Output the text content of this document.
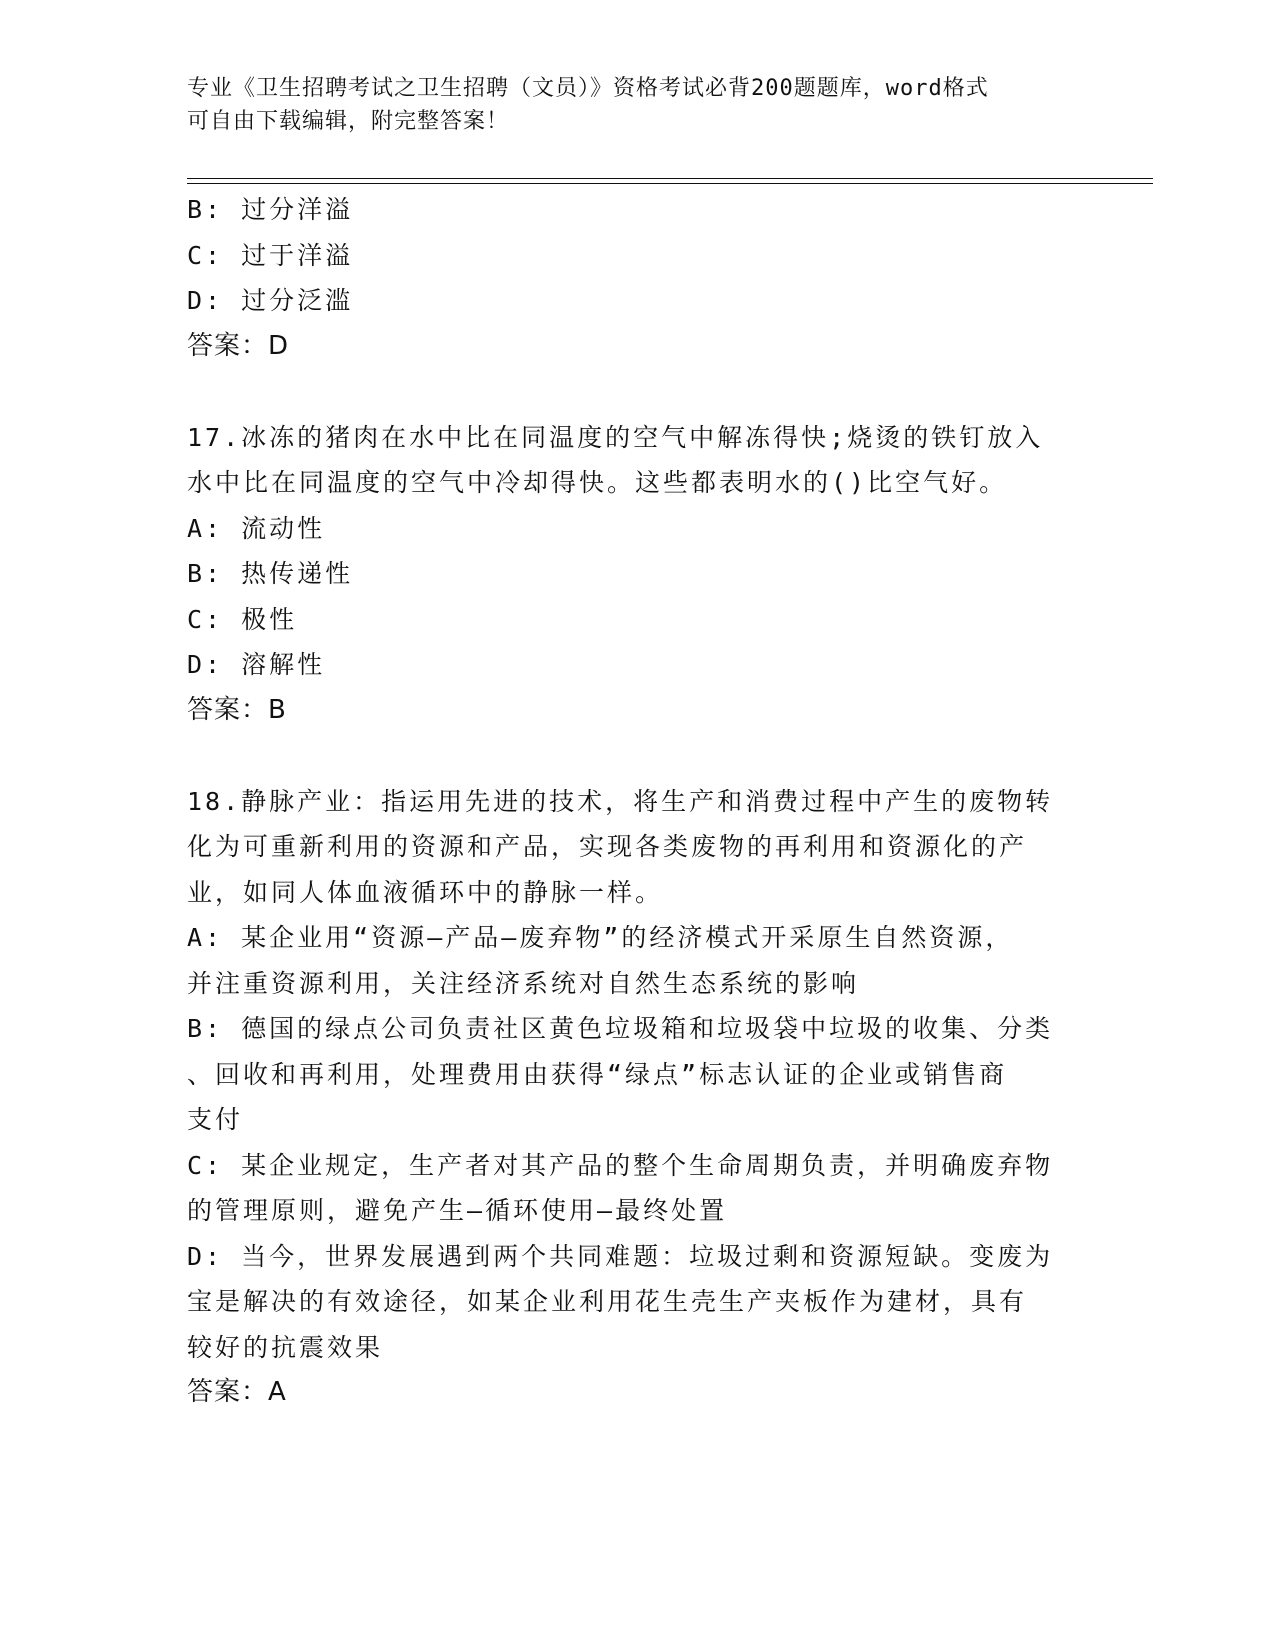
专业《卫生招聘考试之卫生招聘（文员）》资格考试必背200题题库，word格式
可自由下载编辑，附完整答案！
B: 过分洋溢
C: 过于洋溢
D: 过分泛滥
答案：D
17.冰冻的猪肉在水中比在同温度的空气中解冻得快;烧烫的铁钉放入
水中比在同温度的空气中冷却得快。这些都表明水的()比空气好。
A: 流动性
B: 热传递性
C: 极性
D: 溶解性
答案：B
18.静脉产业：指运用先进的技术，将生产和消费过程中产生的废物转
化为可重新利用的资源和产品，实现各类废物的再利用和资源化的产
业，如同人体血液循环中的静脉一样。
A: 某企业用“资源—产品—废弃物”的经济模式开采原生自然资源，
并注重资源利用，关注经济系统对自然生态系统的影响
B: 德国的绿点公司负责社区黄色垃圾箱和垃圾袋中垃圾的收集、分类
、回收和再利用，处理费用由获得“绿点”标志认证的企业或销售商
支付
C: 某企业规定，生产者对其产品的整个生命周期负责，并明确废弃物
的管理原则，避免产生—循环使用—最终处置
D: 当今，世界发展遇到两个共同难题：垃圾过剩和资源短缺。变废为
宝是解决的有效途径，如某企业利用花生壳生产夹板作为建材，具有
较好的抗震效果
答案：A
